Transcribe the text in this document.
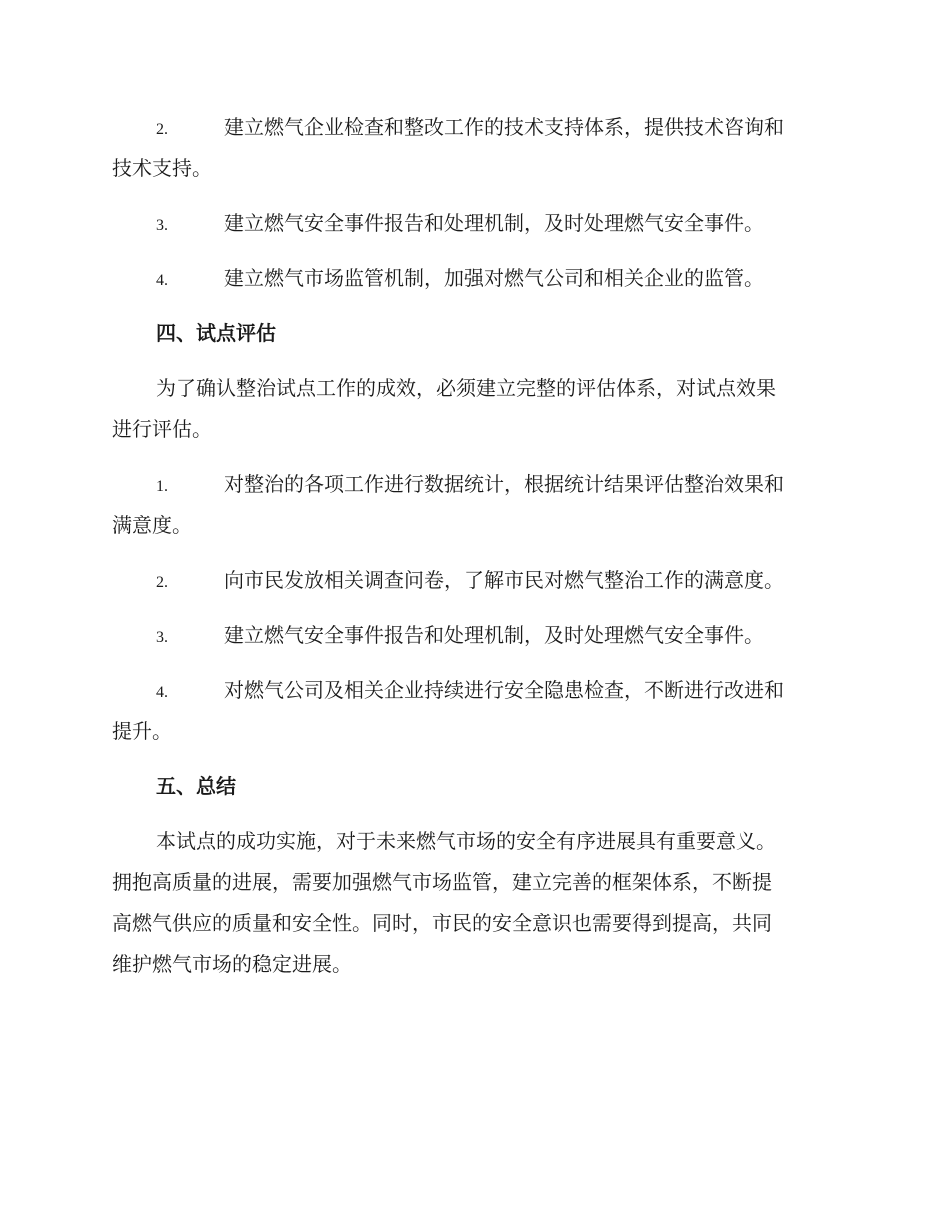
2.	建立燃气企业检查和整改工作的技术支持体系，提供技术咨询和
技术支持。
3.	建立燃气安全事件报告和处理机制，及时处理燃气安全事件。
4.	建立燃气市场监管机制，加强对燃气公司和相关企业的监管。
四、试点评估
为了确认整治试点工作的成效，必须建立完整的评估体系，对试点效果
进行评估。
1.	对整治的各项工作进行数据统计，根据统计结果评估整治效果和
满意度。
2.	向市民发放相关调查问卷，了解市民对燃气整治工作的满意度。
3.	建立燃气安全事件报告和处理机制，及时处理燃气安全事件。
4.	对燃气公司及相关企业持续进行安全隐患检查，不断进行改进和
提升。
五、总结
本试点的成功实施，对于未来燃气市场的安全有序进展具有重要意义。
拥抱高质量的进展，需要加强燃气市场监管，建立完善的框架体系，不断提
高燃气供应的质量和安全性。同时，市民的安全意识也需要得到提高，共同
维护燃气市场的稳定进展。
